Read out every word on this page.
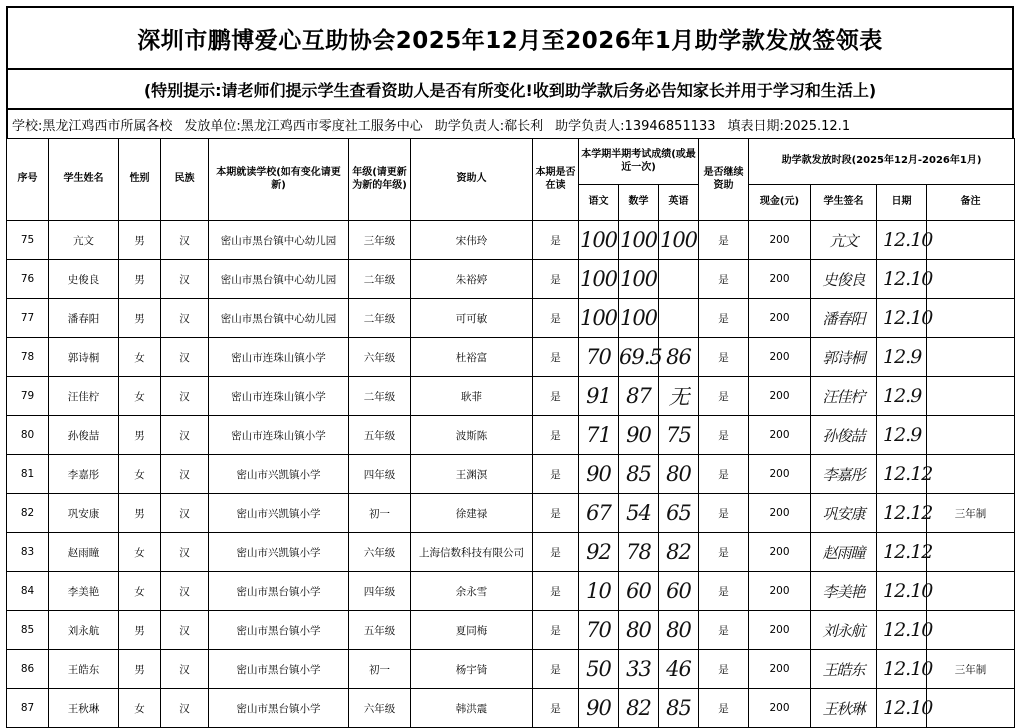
深圳市鹏博爱心互助协会2025年12月至2026年1月助学款发放签领表
(特别提示:请老师们提示学生查看资助人是否有所变化!收到助学款后务必告知家长并用于学习和生活上)
学校:黑龙江鸡西市所属各校 发放单位:黑龙江鸡西市零度社工服务中心 助学负责人:郗长利 助学负责人:13946851133 填表日期:2025.12.1
序号	学生姓名	性别	民族	本期就读学校(如有变化请更新)	年级(请更新为新的年级)	资助人	本期是否在读	本学期半期考试成绩(或最近一次)			是否继续资助	助学款发放时段(2025年12月-2026年1月)			
								语文	数学	英语		现金(元)	学生签名	日期	备注
75	亢文	男	汉	密山市黑台镇中心幼儿园	三年级	宋伟玲	是	100	100	100	是	200	亢文	12.10	
76	史俊良	男	汉	密山市黑台镇中心幼儿园	二年级	朱裕婷	是	100	100		是	200	史俊良	12.10	
77	潘春阳	男	汉	密山市黑台镇中心幼儿园	二年级	可可敏	是	100	100		是	200	潘春阳	12.10	
78	郭诗桐	女	汉	密山市连珠山镇小学	六年级	杜裕富	是	70	69.5	86	是	200	郭诗桐	12.9	
79	汪佳柠	女	汉	密山市连珠山镇小学	二年级	耿菲	是	91	87	无	是	200	汪佳柠	12.9	
80	孙俊喆	男	汉	密山市连珠山镇小学	五年级	波斯陈	是	71	90	75	是	200	孙俊喆	12.9	
81	李嘉彤	女	汉	密山市兴凯镇小学	四年级	王渊溟	是	90	85	80	是	200	李嘉彤	12.12	
82	巩安康	男	汉	密山市兴凯镇小学	初一	徐建禄	是	67	54	65	是	200	巩安康	12.12	三年制
83	赵雨瞳	女	汉	密山市兴凯镇小学	六年级	上海信数科技有限公司	是	92	78	82	是	200	赵雨瞳	12.12	
84	李美艳	女	汉	密山市黑台镇小学	四年级	余永雪	是	10	60	60	是	200	李美艳	12.10	
85	刘永航	男	汉	密山市黑台镇小学	五年级	夏同梅	是	70	80	80	是	200	刘永航	12.10	
86	王皓东	男	汉	密山市黑台镇小学	初一	杨宇锜	是	50	33	46	是	200	王皓东	12.10	三年制
87	王秋琳	女	汉	密山市黑台镇小学	六年级	韩洪震	是	90	82	85	是	200	王秋琳	12.10	
